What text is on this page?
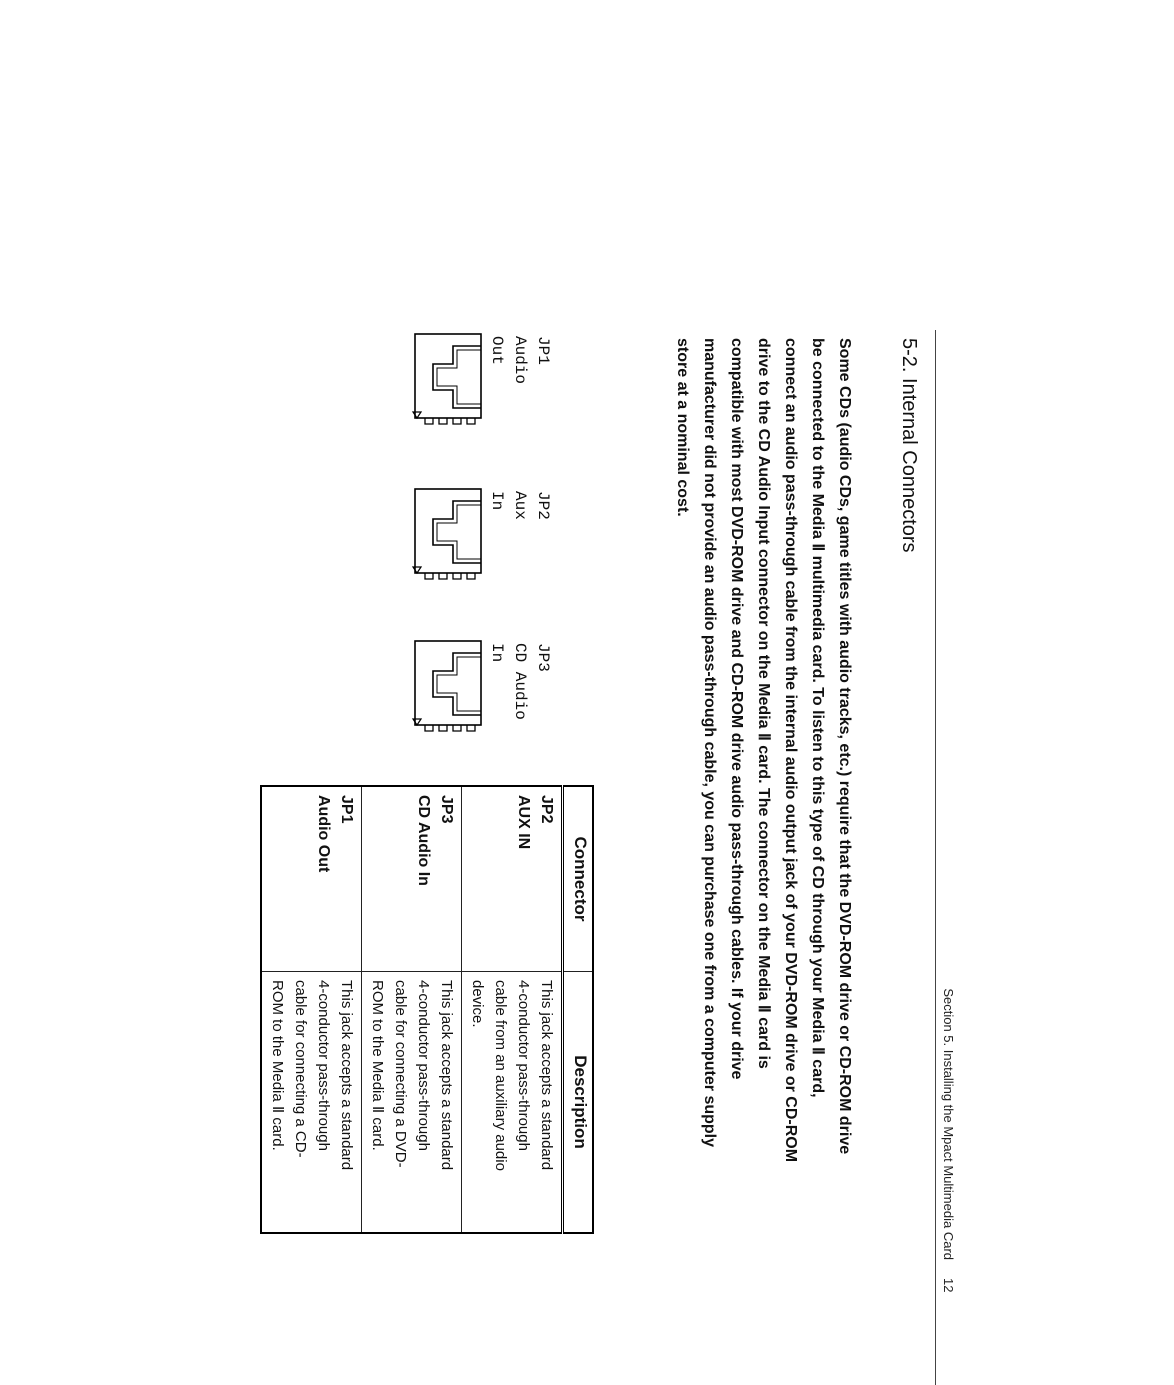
Section 5. Installing the Mpact Multimedia Card
12
5-2. Internal Connectors
Some CDs (audio CDs, game titles with audio tracks, etc.) require that the DVD-ROM drive or CD-ROM drive
be connected to the Media Ⅱ multimedia card. To listen to this type of CD through your Media Ⅱ card,
connect an audio pass-through cable from the internal audio output jack of your DVD-ROM drive or CD-ROM
drive to the CD Audio Input connector on the Media Ⅱ card. The connector on the Media Ⅱ card is
compatible with most DVD-ROM drive and CD-ROM drive audio pass-through cables. If your drive
manufacturer did not provide an audio pass-through cable, you can purchase one from a computer supply
store at a nominal cost.
JP1
Audio
Out
JP2
Aux
In
JP3
CD Audio
In
Connector	Description

JP2
AUX IN	This jack accepts a standard
4-conductor pass-through
cable from an auxiliary audio
device.

JP3
CD Audio In	This jack accepts a standard
4-conductor pass-through
cable for connecting a DVD-
ROM to the Media Ⅱ card.

JP1
Audio Out	This jack accepts a standard
4-conductor pass-through
cable for connecting a CD-
ROM to the Media Ⅱ card.
